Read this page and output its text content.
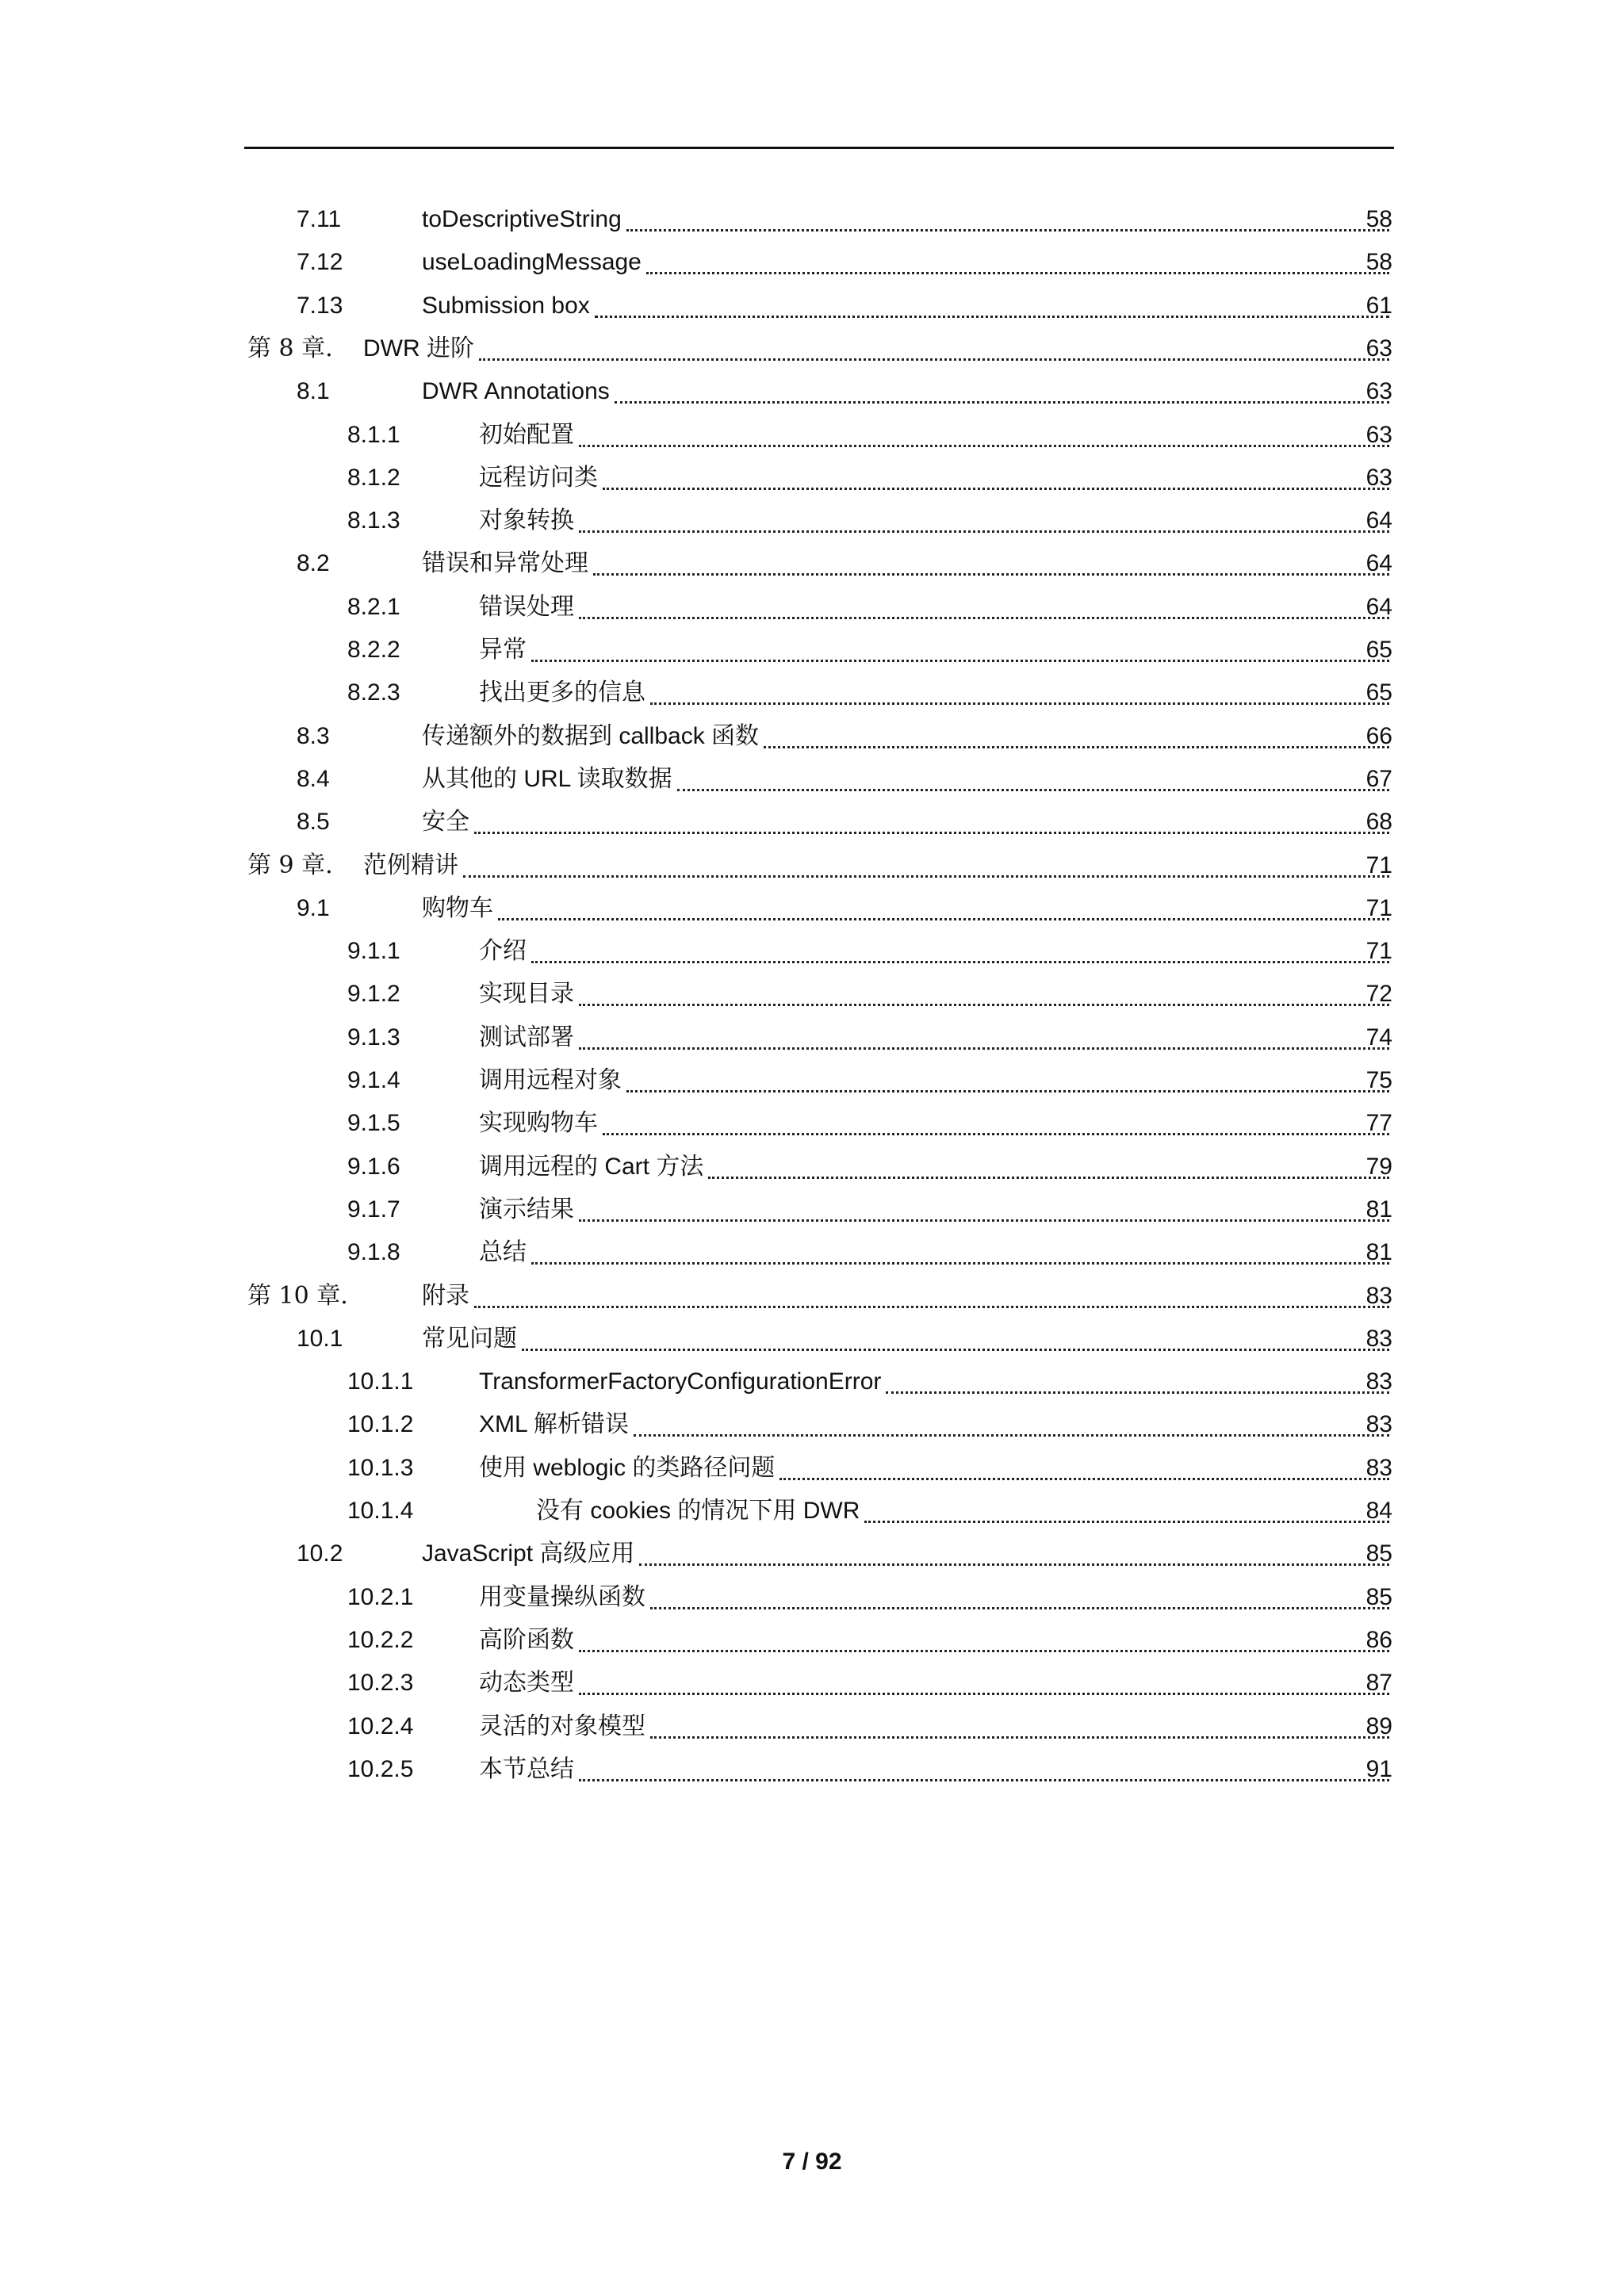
7.11	toDescriptiveString	58
7.12	useLoadingMessage	58
7.13	Submission box	61
第 8 章. DWR 进阶	63
8.1	DWR Annotations	63
8.1.1	初始配置	63
8.1.2	远程访问类	63
8.1.3	对象转换	64
8.2	错误和异常处理	64
8.2.1	错误处理	64
8.2.2	异常	65
8.2.3	找出更多的信息	65
8.3	传递额外的数据到 callback 函数	66
8.4	从其他的 URL 读取数据	67
8.5	安全	68
第 9 章. 范例精讲	71
9.1	购物车	71
9.1.1	介绍	71
9.1.2	实现目录	72
9.1.3	测试部署	74
9.1.4	调用远程对象	75
9.1.5	实现购物车	77
9.1.6	调用远程的 Cart 方法	79
9.1.7	演示结果	81
9.1.8	总结	81
第 10 章.	附录	83
10.1	常见问题	83
10.1.1	TransformerFactoryConfigurationError	83
10.1.2	XML 解析错误	83
10.1.3	使用 weblogic 的类路径问题	83
10.1.4	没有 cookies 的情况下用 DWR	84
10.2	JavaScript 高级应用	85
10.2.1	用变量操纵函数	85
10.2.2	高阶函数	86
10.2.3	动态类型	87
10.2.4	灵活的对象模型	89
10.2.5	本节总结	91
7 / 92
